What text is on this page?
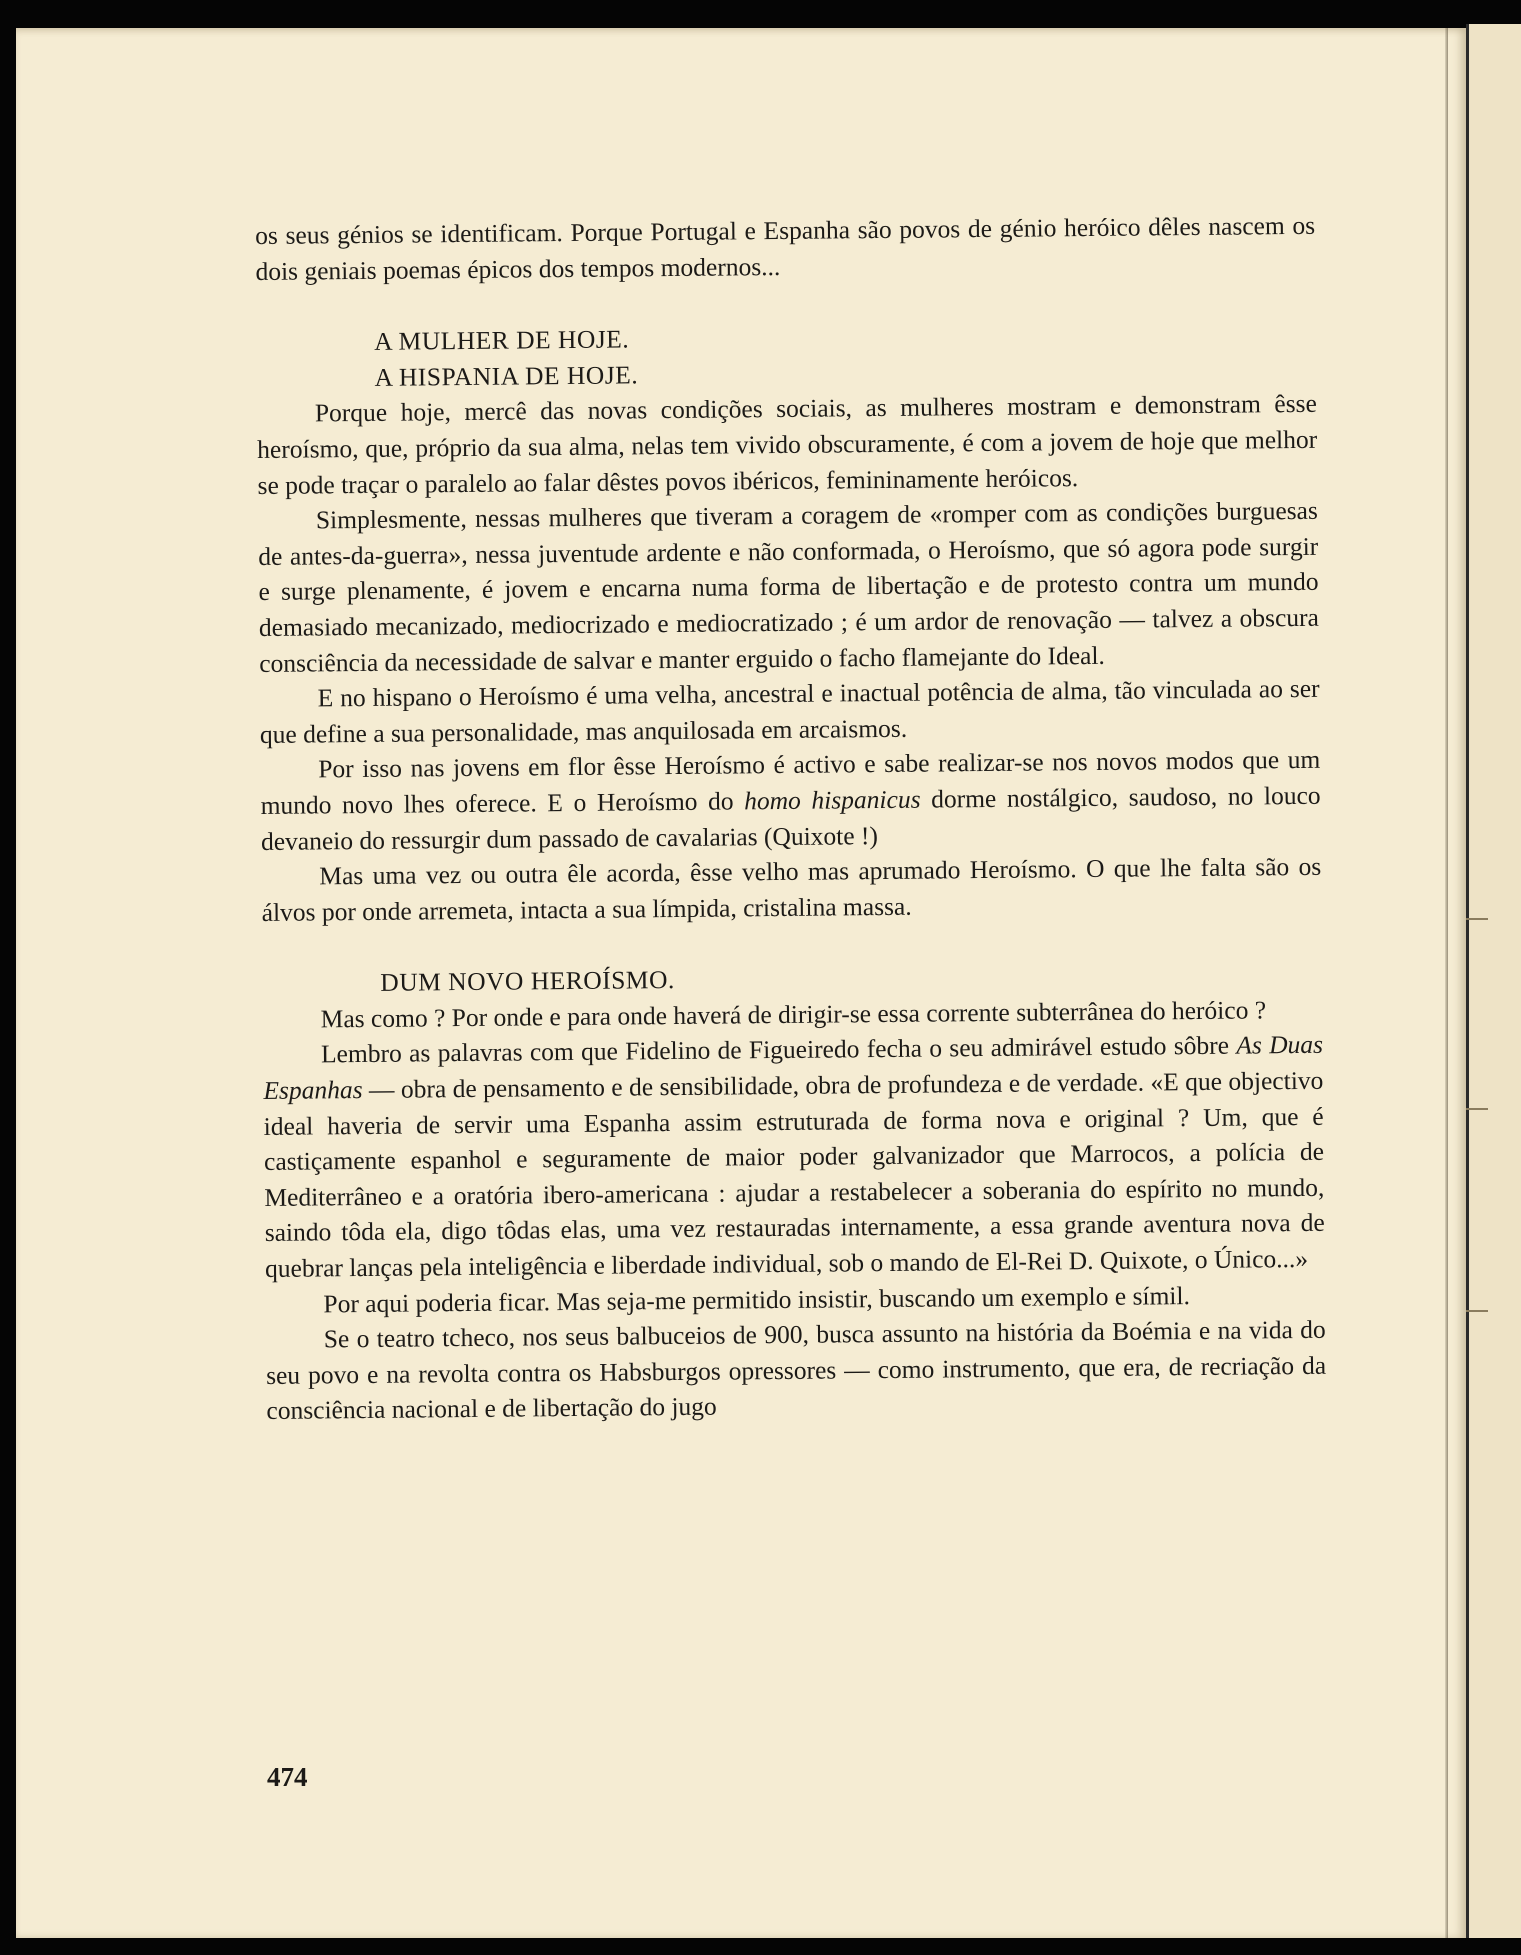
os seus génios se identificam. Porque Portugal e Espanha são povos de génio heróico dêles nascem os dois geniais poemas épicos dos tempos modernos...

A MULHER DE HOJE.
A HISPANIA DE HOJE.

Porque hoje, mercê das novas condições sociais, as mulheres mostram e demonstram êsse heroísmo, que, próprio da sua alma, nelas tem vivido obscuramente, é com a jovem de hoje que melhor se pode traçar o paralelo ao falar dêstes povos ibéricos, femininamente heróicos.

Simplesmente, nessas mulheres que tiveram a coragem de «romper com as condições burguesas de antes-da-guerra», nessa juventude ardente e não conformada, o Heroísmo, que só agora pode surgir e surge plenamente, é jovem e encarna numa forma de libertação e de protesto contra um mundo demasiado mecanizado, mediocrizado e mediocratizado ; é um ardor de renovação — talvez a obscura consciência da necessidade de salvar e manter erguido o facho flamejante do Ideal.

E no hispano o Heroísmo é uma velha, ancestral e inactual potência de alma, tão vinculada ao ser que define a sua personalidade, mas anquilosada em arcaismos.

Por isso nas jovens em flor êsse Heroísmo é activo e sabe realizar-se nos novos modos que um mundo novo lhes oferece. E o Heroísmo do homo hispanicus dorme nostálgico, saudoso, no louco devaneio do ressurgir dum passado de cavalarias (Quixote !)

Mas uma vez ou outra êle acorda, êsse velho mas aprumado Heroísmo. O que lhe falta são os álvos por onde arremeta, intacta a sua límpida, cristalina massa.

DUM NOVO HEROÍSMO.

Mas como ? Por onde e para onde haverá de dirigir-se essa corrente subterrânea do heróico ?

Lembro as palavras com que Fidelino de Figueiredo fecha o seu admirável estudo sôbre As Duas Espanhas — obra de pensamento e de sensibilidade, obra de profundeza e de verdade. «E que objectivo ideal haveria de servir uma Espanha assim estruturada de forma nova e original ? Um, que é castiçamente espanhol e seguramente de maior poder galvanizador que Marrocos, a polícia de Mediterrâneo e a oratória ibero-americana : ajudar a restabelecer a soberania do espírito no mundo, saindo tôda ela, digo tôdas elas, uma vez restauradas internamente, a essa grande aventura nova de quebrar lanças pela inteligência e liberdade individual, sob o mando de El-Rei D. Quixote, o Único...»

Por aqui poderia ficar. Mas seja-me permitido insistir, buscando um exemplo e símil.

Se o teatro tcheco, nos seus balbuceios de 900, busca assunto na história da Boémia e na vida do seu povo e na revolta contra os Habsburgos opressores — como instrumento, que era, de recriação da consciência nacional e de libertação do jugo

474
